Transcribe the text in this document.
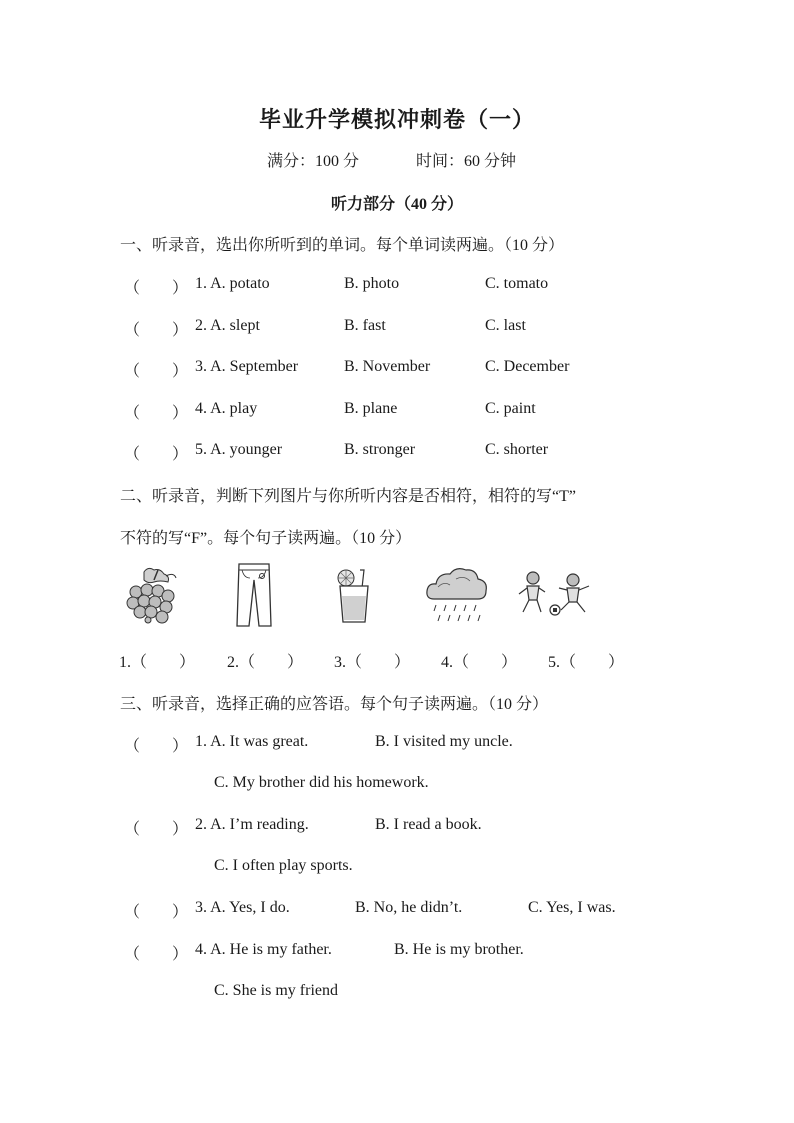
毕业升学模拟冲刺卷（一）
满分：100 分	时间：60 分钟
听力部分（40 分）
一、听录音，选出你所听到的单词。每个单词读两遍。（10 分）
（　　） 1. A. potato	B. photo	C. tomato
（　　） 2. A. slept	B. fast	C. last
（　　） 3. A. September	B. November	C. December
（　　） 4. A. play	B. plane	C. paint
（　　） 5. A. younger	B. stronger	C. shorter
二、听录音，判断下列图片与你所听内容是否相符，相符的写“T”
不符的写“F”。每个句子读两遍。（10 分）
1.（　　） 2.（　　） 3.（　　） 4.（　　） 5.（　　）
三、听录音，选择正确的应答语。每个句子读两遍。（10 分）
（　　） 1. A. It was great.	B. I visited my uncle.
C. My brother did his homework.
（　　） 2. A. I’m reading.	B. I read a book.
C. I often play sports.
（　　） 3. A. Yes, I do.	B. No, he didn’t.	C. Yes, I was.
（　　） 4. A. He is my father.	B. He is my brother.
C. She is my friend
